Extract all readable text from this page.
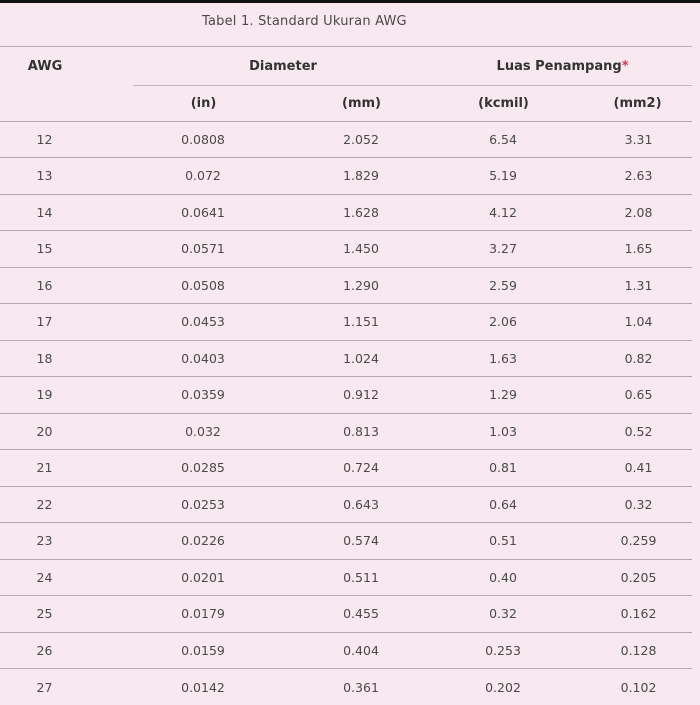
Tabel 1. Standard Ukuran AWG
AWG	Diameter		Luas Penampang*	
	(in)	(mm)	(kcmil)	(mm2)
12	0.0808	2.052	6.54	3.31
13	0.072	1.829	5.19	2.63
14	0.0641	1.628	4.12	2.08
15	0.0571	1.450	3.27	1.65
16	0.0508	1.290	2.59	1.31
17	0.0453	1.151	2.06	1.04
18	0.0403	1.024	1.63	0.82
19	0.0359	0.912	1.29	0.65
20	0.032	0.813	1.03	0.52
21	0.0285	0.724	0.81	0.41
22	0.0253	0.643	0.64	0.32
23	0.0226	0.574	0.51	0.259
24	0.0201	0.511	0.40	0.205
25	0.0179	0.455	0.32	0.162
26	0.0159	0.404	0.253	0.128
27	0.0142	0.361	0.202	0.102
